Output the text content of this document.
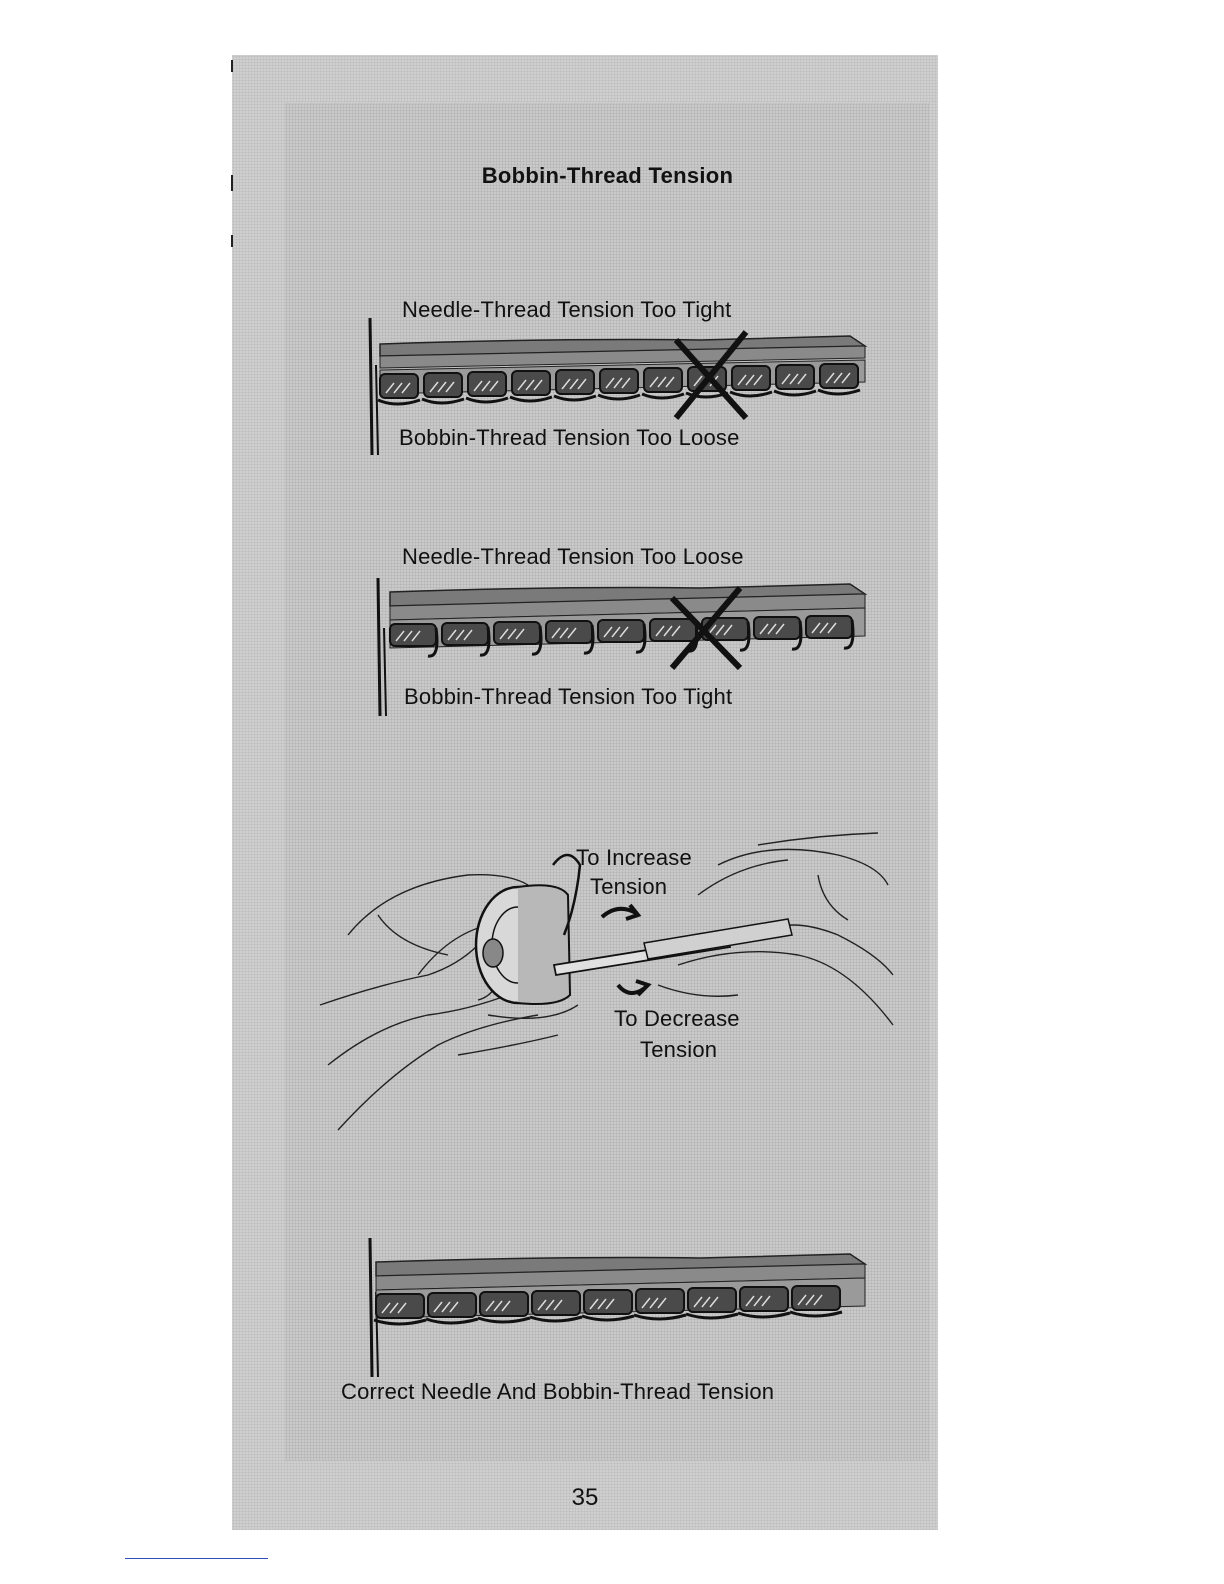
Bobbin-Thread Tension
Needle-Thread Tension Too Tight
Bobbin-Thread Tension Too Loose
Needle-Thread Tension Too Loose
Bobbin-Thread Tension Too Tight
To Increase
Tension
To Decrease
Tension
Correct Needle And Bobbin-Thread Tension
35
